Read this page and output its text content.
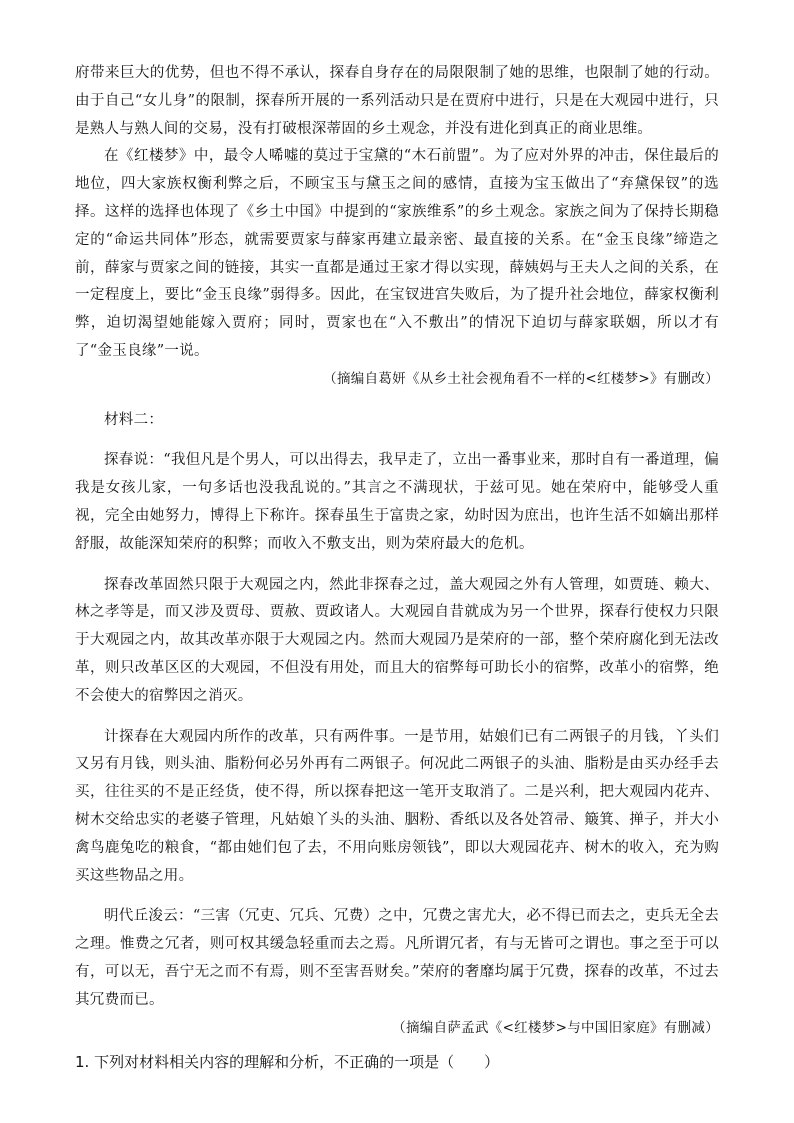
府带来巨大的优势，但也不得不承认，探春自身存在的局限限制了她的思维，也限制了她的行动。由于自己“女儿身”的限制，探春所开展的一系列活动只是在贾府中进行，只是在大观园中进行，只是熟人与熟人间的交易，没有打破根深蒂固的乡土观念，并没有进化到真正的商业思维。

在《红楼梦》中，最令人唏嘘的莫过于宝黛的“木石前盟”。为了应对外界的冲击，保住最后的地位，四大家族权衡利弊之后，不顾宝玉与黛玉之间的感情，直接为宝玉做出了“弃黛保钗”的选择。这样的选择也体现了《乡土中国》中提到的“家族维系”的乡土观念。家族之间为了保持长期稳定的“命运共同体”形态，就需要贾家与薛家再建立最亲密、最直接的关系。在“金玉良缘”缔造之前，薛家与贾家之间的链接，其实一直都是通过王家才得以实现，薛姨妈与王夫人之间的关系，在一定程度上，要比“金玉良缘”弱得多。因此，在宝钗进宫失败后，为了提升社会地位，薛家权衡利弊，迫切渴望她能嫁入贾府；同时，贾家也在“入不敷出”的情况下迫切与薛家联姻，所以才有了“金玉良缘”一说。

（摘编自葛妍《从乡土社会视角看不一样的<红楼梦>》有删改）

材料二：

探春说：“我但凡是个男人，可以出得去，我早走了，立出一番事业来，那时自有一番道理，偏我是女孩儿家，一句多话也没我乱说的。”其言之不满现状，于兹可见。她在荣府中，能够受人重视，完全由她努力，博得上下称许。探春虽生于富贵之家，幼时因为庶出，也许生活不如嫡出那样舒服，故能深知荣府的积弊；而收入不敷支出，则为荣府最大的危机。

探春改革固然只限于大观园之内，然此非探春之过，盖大观园之外有人管理，如贾琏、赖大、林之孝等是，而又涉及贾母、贾赦、贾政诸人。大观园自昔就成为另一个世界，探春行使权力只限于大观园之内，故其改革亦限于大观园之内。然而大观园乃是荣府的一部，整个荣府腐化到无法改革，则只改革区区的大观园，不但没有用处，而且大的宿弊每可助长小的宿弊，改革小的宿弊，绝不会使大的宿弊因之消灭。

计探春在大观园内所作的改革，只有两件事。一是节用，姑娘们已有二两银子的月钱，丫头们又另有月钱，则头油、脂粉何必另外再有二两银子。何况此二两银子的头油、脂粉是由买办经手去买，往往买的不是正经货，使不得，所以探春把这一笔开支取消了。二是兴利，把大观园内花卉、树木交给忠实的老婆子管理，凡姑娘丫头的头油、胭粉、香纸以及各处笤帚、簸箕、掸子，并大小禽鸟鹿兔吃的粮食，“都由她们包了去，不用向账房领钱”，即以大观园花卉、树木的收入，充为购买这些物品之用。

明代丘浚云：“三害（冗吏、冗兵、冗费）之中，冗费之害尤大，必不得已而去之，吏兵无全去之理。惟费之冗者，则可权其缓急轻重而去之焉。凡所谓冗者，有与无皆可之谓也。事之至于可以有，可以无，吾宁无之而不有焉，则不至害吾财矣。”荣府的奢靡均属于冗费，探春的改革，不过去其冗费而已。

（摘编自萨孟武《<红楼梦>与中国旧家庭》有删减）

1. 下列对材料相关内容的理解和分析，不正确的一项是（　　）
